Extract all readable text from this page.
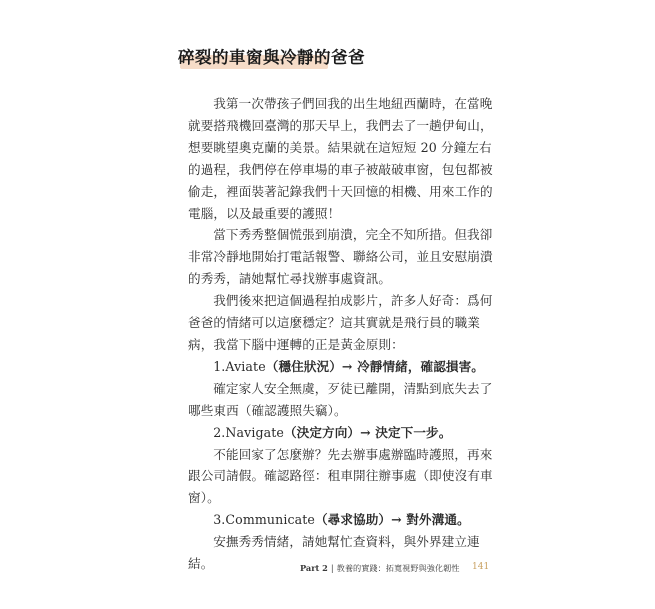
碎裂的車窗與冷靜的爸爸

我第一次帶孩子們回我的出生地紐西蘭時，在當晚就要搭飛機回臺灣的那天早上，我們去了一趟伊甸山，想要眺望奧克蘭的美景。結果就在這短短 20 分鐘左右的過程，我們停在停車場的車子被敲破車窗，包包都被偷走，裡面裝著記錄我們十天回憶的相機、用來工作的電腦，以及最重要的護照！

當下秀秀整個慌張到崩潰，完全不知所措。但我卻非常冷靜地開始打電話報警、聯絡公司，並且安慰崩潰的秀秀，請她幫忙尋找辦事處資訊。

我們後來把這個過程拍成影片，許多人好奇：爲何爸爸的情緒可以這麼穩定？這其實就是飛行員的職業病，我當下腦中運轉的正是黃金原則：

1.Aviate（穩住狀況）→ 冷靜情緒，確認損害。

確定家人安全無虞，歹徒已離開，清點到底失去了哪些東西（確認護照失竊）。

2.Navigate（決定方向）→ 決定下一步。

不能回家了怎麼辦？先去辦事處辦臨時護照，再來跟公司請假。確認路徑：租車開往辦事處（即使沒有車窗）。

3.Communicate（尋求協助）→ 對外溝通。

安撫秀秀情緒，請她幫忙查資料，與外界建立連結。	Part 2 | 教養的實踐：拓寬視野與強化韌性 141
